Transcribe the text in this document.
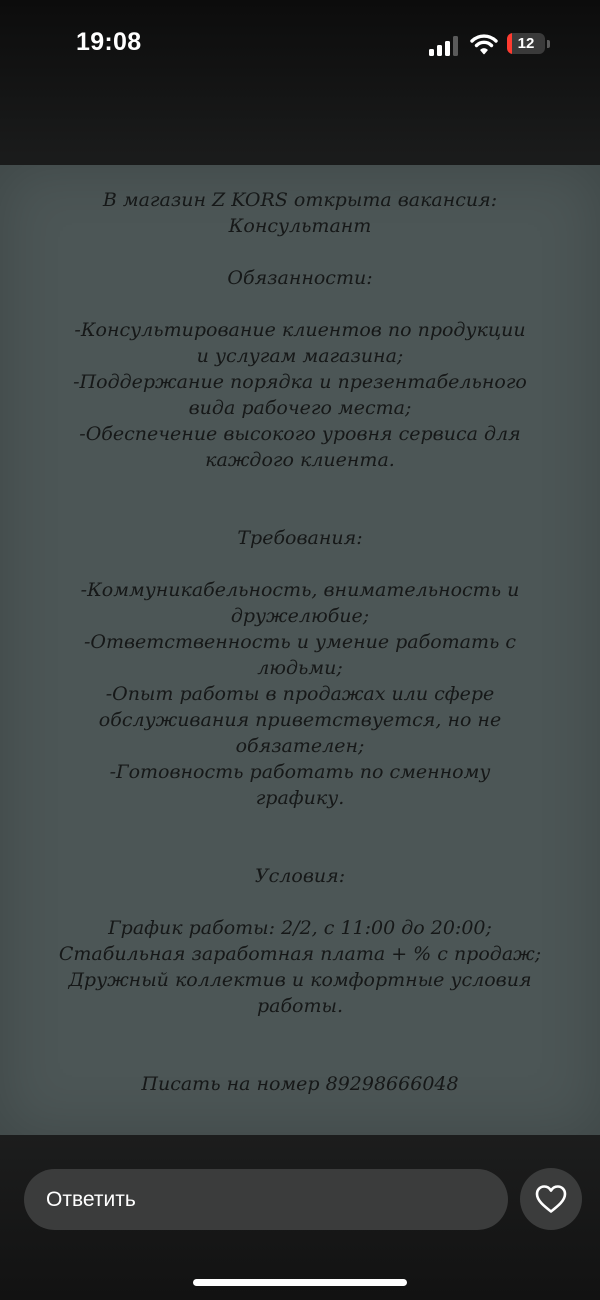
19:08	12

В магазин Z KORS открыта вакансия:

Консультант

Обязанности:

-Консультирование клиентов по продукции

и услугам магазина;

-Поддержание порядка и презентабельного

вида рабочего места;

-Обеспечение высокого уровня сервиса для

каждого клиента.

Требования:

-Коммуникабельность, внимательность и

дружелюбие;

-Ответственность и умение работать с

людьми;

-Опыт работы в продажах или сфере

обслуживания приветствуется, но не

обязателен;

-Готовность работать по сменному

графику.

Условия:

График работы: 2/2, с 11:00 до 20:00;

Стабильная заработная плата + % с продаж;

Дружный коллектив и комфортные условия

работы.

Писать на номер 89298666048

Ответить
